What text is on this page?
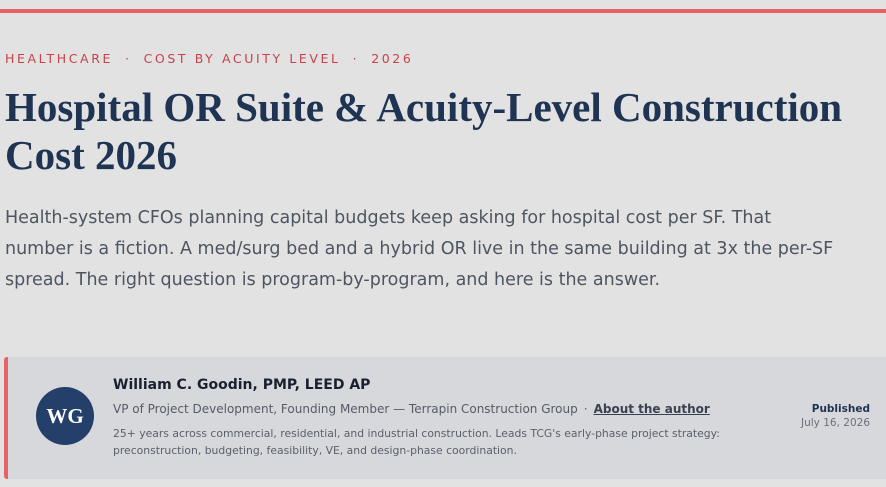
HEALTHCARE · COST BY ACUITY LEVEL · 2026
Hospital OR Suite & Acuity-Level Construction Cost 2026

Health-system CFOs planning capital budgets keep asking for hospital cost per SF. That number is a fiction. A med/surg bed and a hybrid OR live in the same building at 3x the per-SF spread. The right question is program-by-program, and here is the answer.

WG
William C. Goodin, PMP, LEED AP
VP of Project Development, Founding Member — Terrapin Construction Group · About the author

25+ years across commercial, residential, and industrial construction. Leads TCG's early-phase project strategy: preconstruction, budgeting, feasibility, VE, and design-phase coordination.

Published
July 16, 2026
